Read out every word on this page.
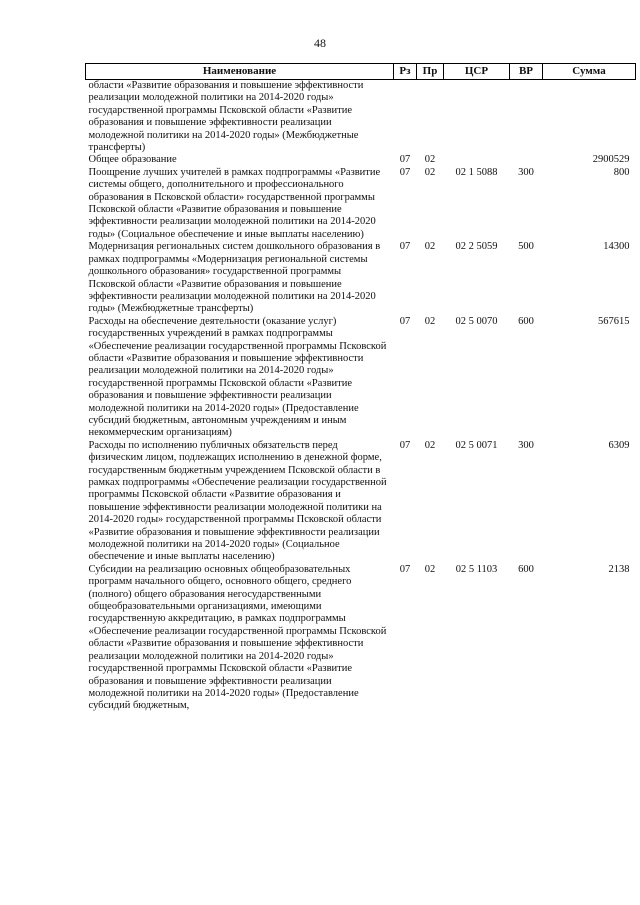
48
Наименование	Рз	Пр	ЦСР	ВР	Сумма
области «Развитие образования и повышение эффективности реализации молодежной политики на 2014-2020 годы» государственной программы Псковской области «Развитие образования и повышение эффективности реализации молодежной политики на 2014-2020 годы» (Межбюджетные трансферты)					
Общее образование	07	02			2900529
Поощрение лучших учителей в рамках подпрограммы «Развитие системы общего, дополнительного и профессионального образования в Псковской области» государственной программы Псковской области «Развитие образования и повышение эффективности реализации молодежной политики на 2014-2020 годы» (Социальное обеспечение и иные выплаты населению)	07	02	02 1 5088	300	800
Модернизация региональных систем дошкольного образования в рамках подпрограммы «Модернизация региональной системы дошкольного образования» государственной программы Псковской области «Развитие образования и повышение эффективности реализации молодежной политики на 2014-2020 годы» (Межбюджетные трансферты)	07	02	02 2 5059	500	14300
Расходы на обеспечение деятельности (оказание услуг) государственных учреждений в рамках подпрограммы «Обеспечение реализации государственной программы Псковской области «Развитие образования и повышение эффективности реализации молодежной политики на 2014-2020 годы» государственной программы Псковской области «Развитие образования и повышение эффективности реализации молодежной политики на 2014-2020 годы» (Предоставление субсидий бюджетным, автономным учреждениям и иным некоммерческим организациям)	07	02	02 5 0070	600	567615
Расходы по исполнению публичных обязательств перед физическим лицом, подлежащих исполнению в денежной форме, государственным бюджетным учреждением Псковской области в рамках подпрограммы «Обеспечение реализации государственной программы Псковской области «Развитие образования и повышение эффективности реализации молодежной политики на 2014-2020 годы» государственной программы Псковской области «Развитие образования и повышение эффективности реализации молодежной политики на 2014-2020 годы» (Социальное обеспечение и иные выплаты населению)	07	02	02 5 0071	300	6309
Субсидии на реализацию основных общеобразовательных программ начального общего, основного общего, среднего (полного) общего образования негосударственными общеобразовательными организациями, имеющими государственную аккредитацию, в рамках подпрограммы «Обеспечение реализации государственной программы Псковской области «Развитие образования и повышение эффективности реализации молодежной политики на 2014-2020 годы» государственной программы Псковской области «Развитие образования и повышение эффективности реализации молодежной политики на 2014-2020 годы» (Предоставление субсидий бюджетным,	07	02	02 5 1103	600	2138
